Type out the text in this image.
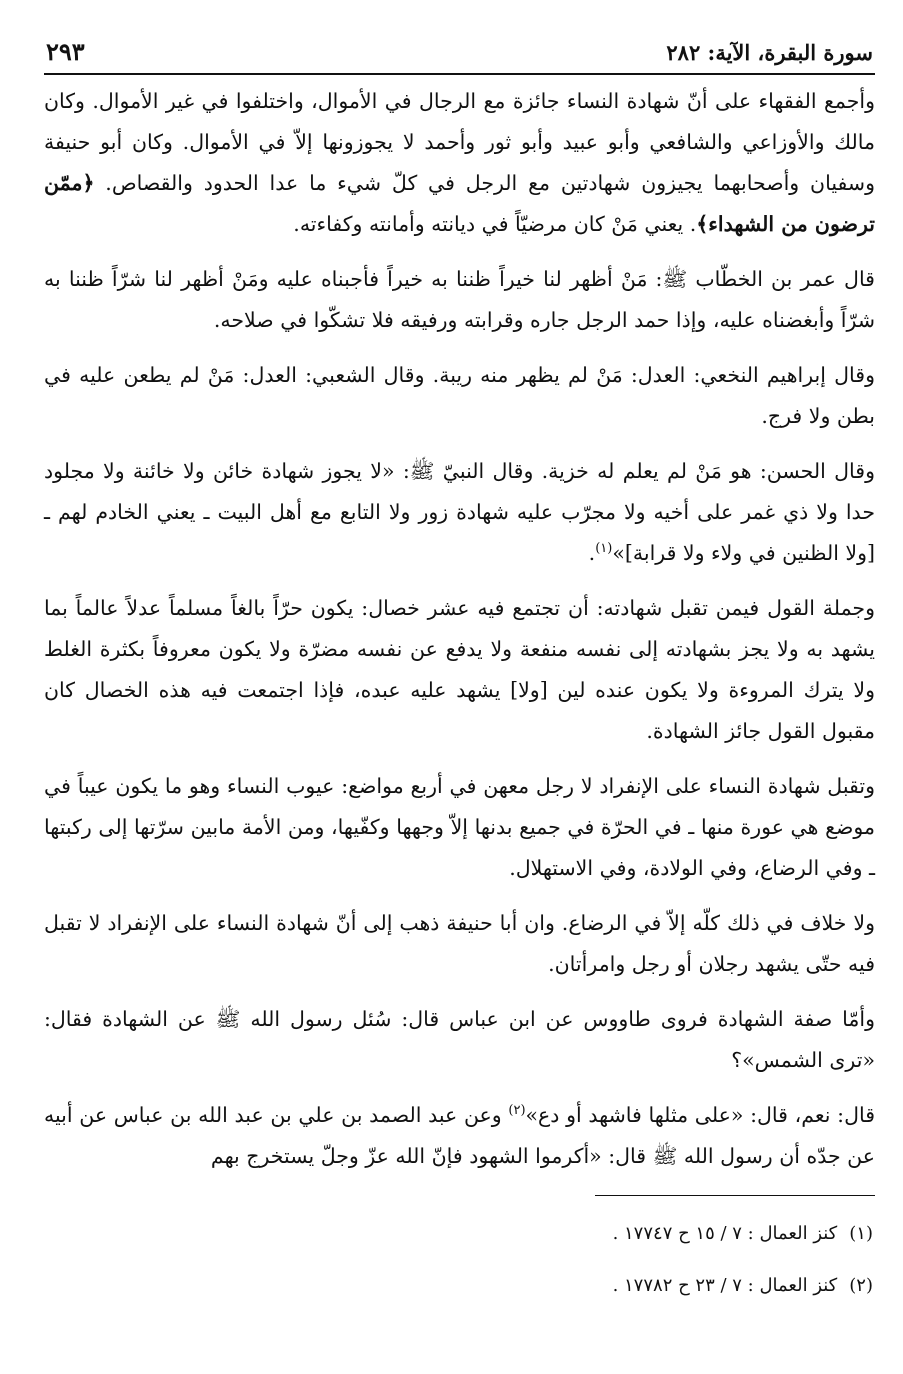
سورة البقرة، الآية: ٢٨٢
٢٩٣

وأجمع الفقهاء على أنّ شهادة النساء جائزة مع الرجال في الأموال، واختلفوا في غير الأموال. وكان مالك والأوزاعي والشافعي وأبو عبيد وأبو ثور وأحمد لا يجوزونها إلاّ في الأموال. وكان أبو حنيفة وسفيان وأصحابهما يجيزون شهادتين مع الرجل في كلّ شيء ما عدا الحدود والقصاص. ﴿ممّن ترضون من الشهداء﴾. يعني مَنْ كان مرضيّاً في ديانته وأمانته وكفاءته.

قال عمر بن الخطّاب ﷺ: مَنْ أظهر لنا خيراً ظننا به خيراً فأجبناه عليه ومَنْ أظهر لنا شرّاً ظننا به شرّاً وأبغضناه عليه، وإذا حمد الرجل جاره وقرابته ورفيقه فلا تشكّوا في صلاحه.

وقال إبراهيم النخعي: العدل: مَنْ لم يظهر منه ريبة. وقال الشعبي: العدل: مَنْ لم يطعن عليه في بطن ولا فرج.

وقال الحسن: هو مَنْ لم يعلم له خزية. وقال النبيّ ﷺ: «لا يجوز شهادة خائن ولا خائنة ولا مجلود حدا ولا ذي غمر على أخيه ولا مجرّب عليه شهادة زور ولا التابع مع أهل البيت ـ يعني الخادم لهم ـ [ولا الظنين في ولاء ولا قرابة]»$^{(١)}$.

وجملة القول فيمن تقبل شهادته: أن تجتمع فيه عشر خصال: يكون حرّاً بالغاً مسلماً عدلاً عالماً بما يشهد به ولا يجز بشهادته إلى نفسه منفعة ولا يدفع عن نفسه مضرّة ولا يكون معروفاً بكثرة الغلط ولا يترك المروءة ولا يكون عنده لين [ولا] يشهد عليه عبده، فإذا اجتمعت فيه هذه الخصال كان مقبول القول جائز الشهادة.

وتقبل شهادة النساء على الإنفراد لا رجل معهن في أربع مواضع: عيوب النساء وهو ما يكون عيباً في موضع هي عورة منها ـ في الحرّة في جميع بدنها إلاّ وجهها وكفّيها، ومن الأمة مابين سرّتها إلى ركبتها ـ وفي الرضاع، وفي الولادة، وفي الاستهلال.

ولا خلاف في ذلك كلّه إلاّ في الرضاع. وان أبا حنيفة ذهب إلى أنّ شهادة النساء على الإنفراد لا تقبل فيه حتّى يشهد رجلان أو رجل وامرأتان.

وأمّا صفة الشهادة فروى طاووس عن ابن عباس قال: سُئل رسول الله ﷺ عن الشهادة فقال: «ترى الشمس»؟

قال: نعم، قال: «على مثلها فاشهد أو دع»$^{(٢)}$ وعن عبد الصمد بن علي بن عبد الله بن عباس عن أبيه عن جدّه أن رسول الله ﷺ قال: «أكرموا الشهود فإنّ الله عزّ وجلّ يستخرج بهم

(١)كنز العمال : ٧ / ١٥ ح ١٧٧٤٧ .

(٢)كنز العمال : ٧ / ٢٣ ح ١٧٧٨٢ .
